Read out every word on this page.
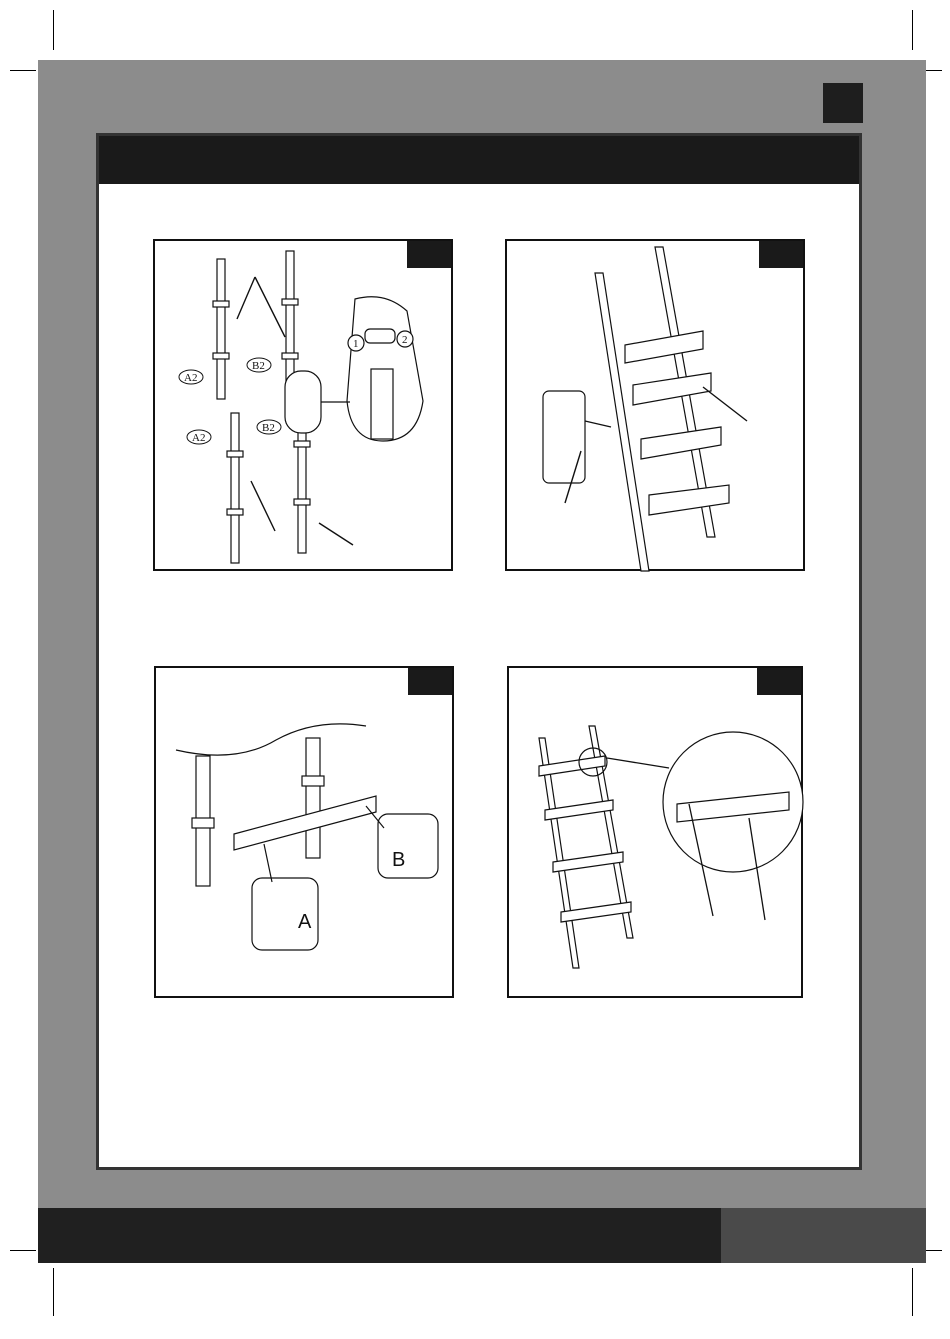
A2
B2
A2
B2
1	2
A
B
